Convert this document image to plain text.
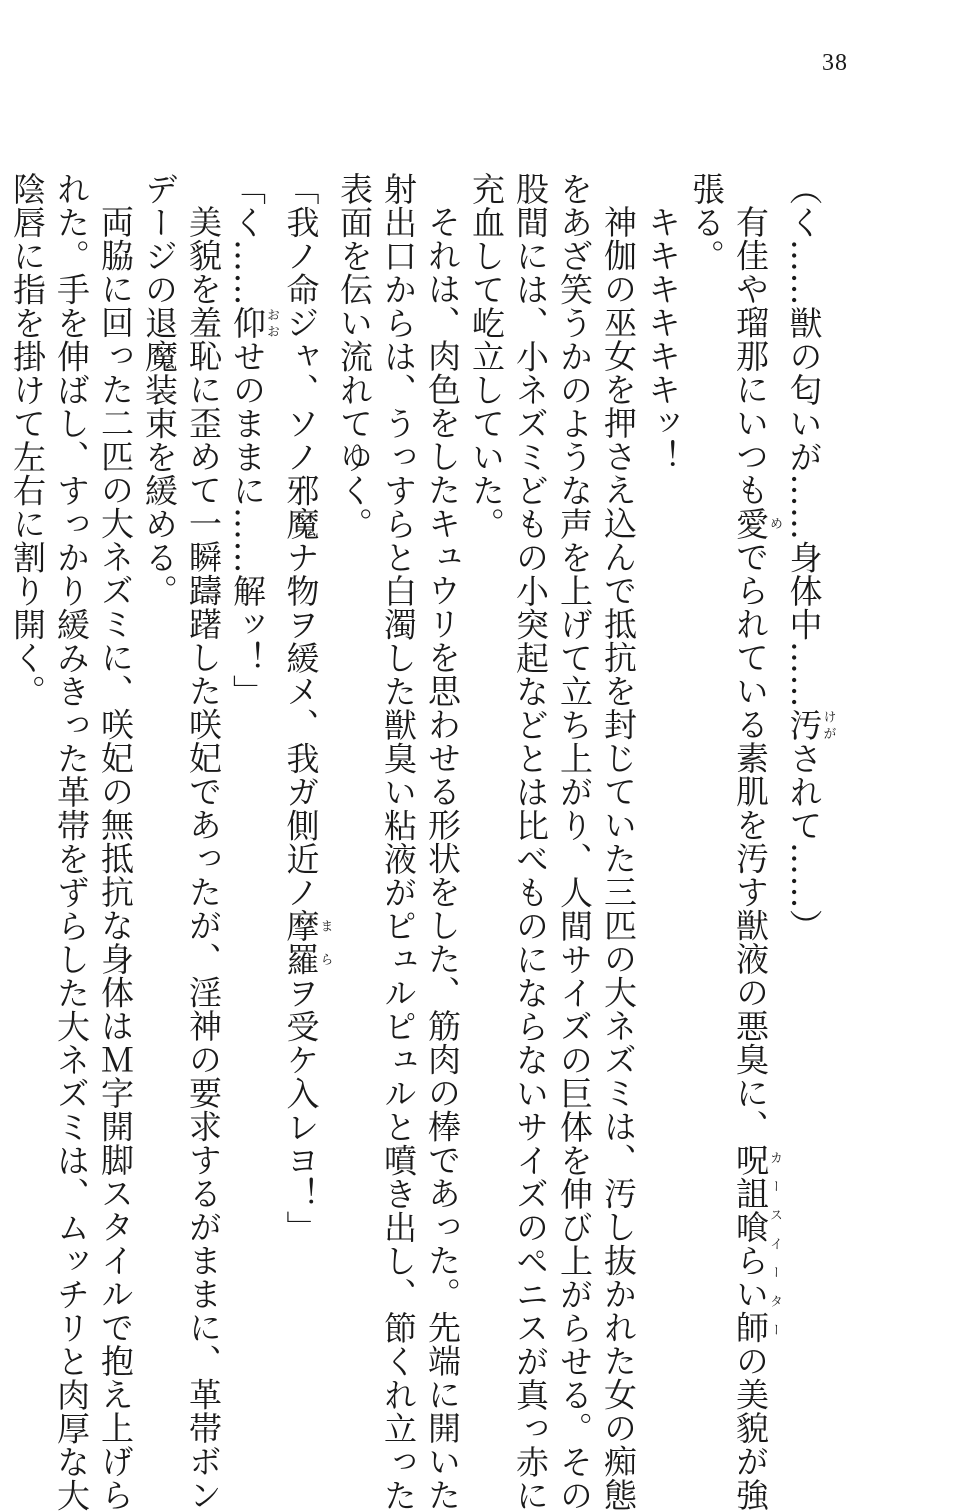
38
（く……獣の匂いが……身体中……汚けがされて……）
有佳や瑠那にいつも愛めでられている素肌を汚す獣液の悪臭に、呪詛喰らい師カースイーターの美貌が強
張る。
キキキキキキッ！
神伽の巫女を押さえ込んで抵抗を封じていた三匹の大ネズミは、汚し抜かれた女の痴態
をあざ笑うかのような声を上げて立ち上がり、人間サイズの巨体を伸び上がらせる。その
股間には、小ネズミどもの小突起などとは比べものにならないサイズのペニスが真っ赤に
充血して屹立していた。
それは、肉色をしたキュウリを思わせる形状をした、筋肉の棒であった。先端に開いた
射出口からは、うっすらと白濁した獣臭い粘液がピュルピュルと噴き出し、節くれ立った
表面を伝い流れてゆく。
「我ノ命ジャ、ソノ邪魔ナ物ヲ緩メ、我ガ側近ノ摩羅まらヲ受ケ入レヨ！」
「く……仰おおせのままに……解ッ！」
美貌を羞恥に歪めて一瞬躊躇した咲妃であったが、淫神の要求するがままに、革帯ボン
デージの退魔装束を緩める。
両脇に回った二匹の大ネズミに、咲妃の無抵抗な身体はＭ字開脚スタイルで抱え上げら
れた。手を伸ばし、すっかり緩みきった革帯をずらした大ネズミは、ムッチリと肉厚な大
陰唇に指を掛けて左右に割り開く。
